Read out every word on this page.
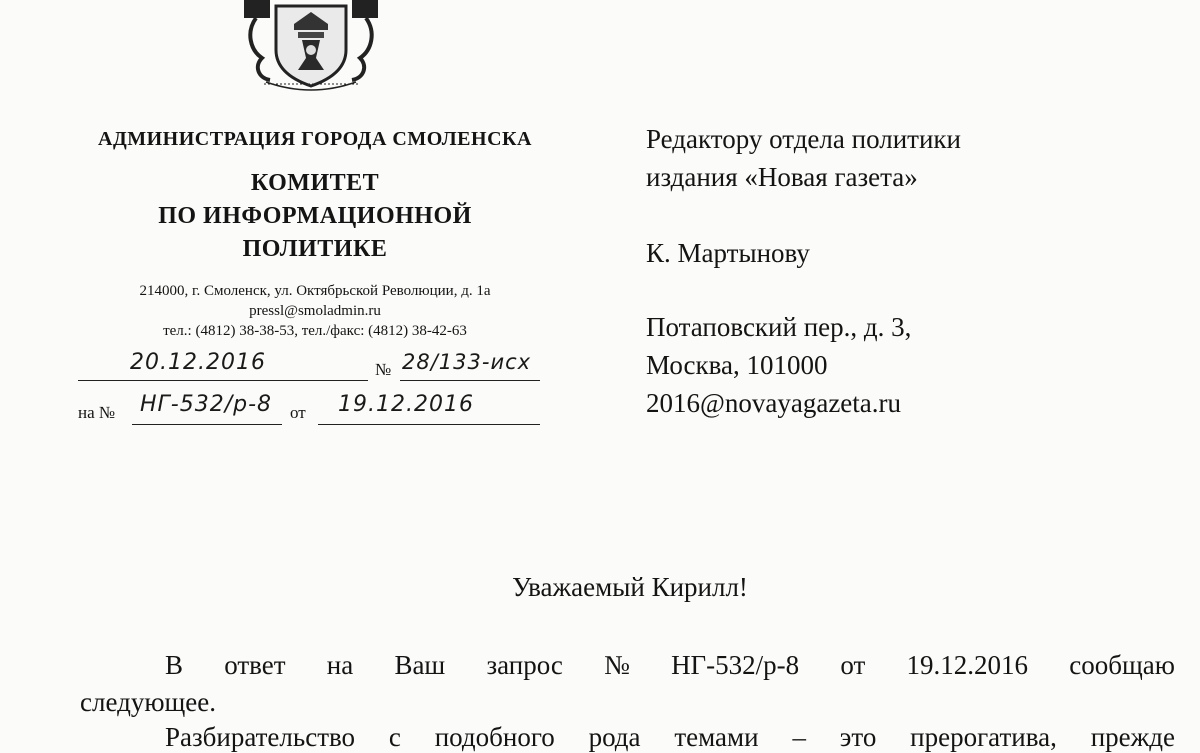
АДМИНИСТРАЦИЯ ГОРОДА СМОЛЕНСКА
КОМИТЕТ
ПО ИНФОРМАЦИОННОЙ
ПОЛИТИКЕ
214000, г. Смоленск, ул. Октябрьской Революции, д. 1а
pressl@smoladmin.ru
тел.: (4812) 38-38-53, тел./факс: (4812) 38-42-63
20.12.2016	№ 28/133-исх
на № НГ-532/р-8 от 19.12.2016
Редактору отдела политики
издания «Новая газета»
К. Мартынову
Потаповский пер., д. 3,
Москва, 101000
2016@novayagazeta.ru
Уважаемый Кирилл!
В ответ на Ваш запрос № НГ-532/р-8 от 19.12.2016 сообщаю
следующее.
Разбирательство с подобного рода темами – это прерогатива, прежде
